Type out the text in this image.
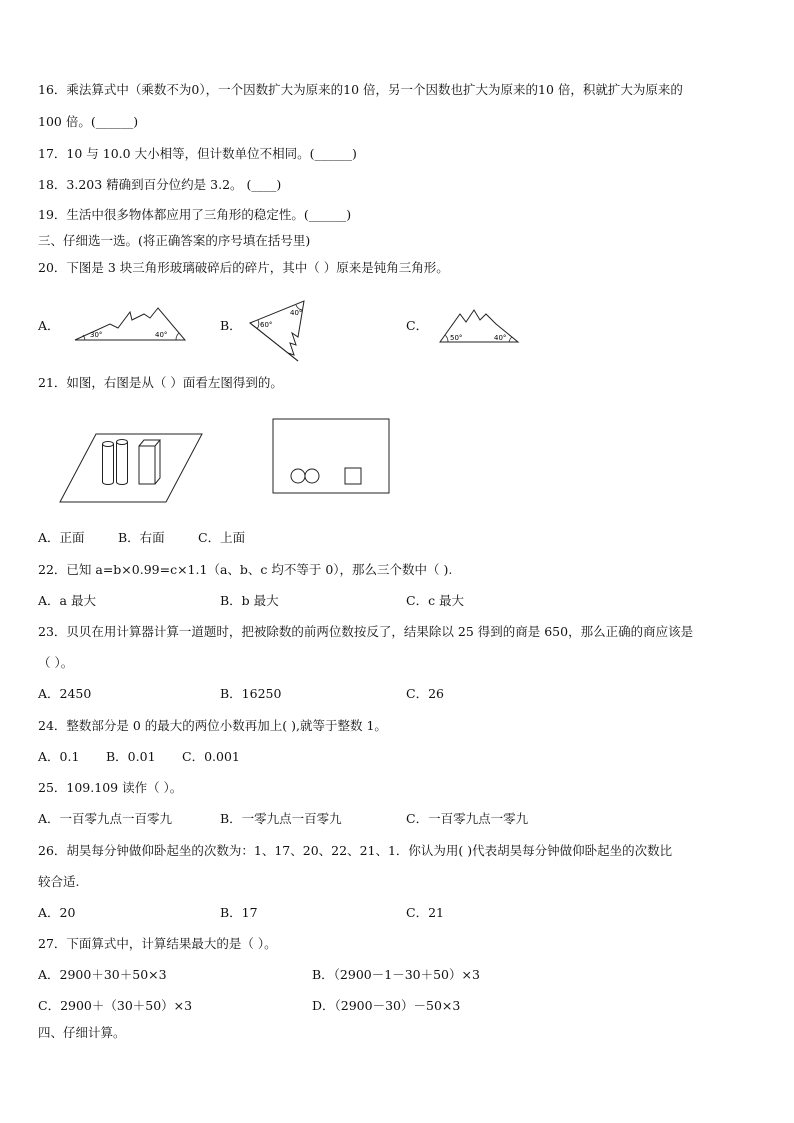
16．乘法算式中（乘数不为0），一个因数扩大为原来的10 倍，另一个因数也扩大为原来的10 倍，积就扩大为原来的
100 倍。(______)
17．10 与 10.0 大小相等，但计数单位不相同。(______)
18．3.203 精确到百分位约是 3.2。 (____)
19．生活中很多物体都应用了三角形的稳定性。(______)
三、仔细选一选。(将正确答案的序号填在括号里)
20．下图是 3 块三角形玻璃破碎后的碎片，其中（ ）原来是钝角三角形。
A．	B．	C．
30°	40°
60°
40°
50°	40°
21．如图，右图是从（ ）面看左图得到的。
A．正面	B．右面	C．上面
22．已知 a=b×0.99=c×1.1（a、b、c 均不等于 0），那么三个数中（ ).
A．a 最大	B．b 最大	C．c 最大
23．贝贝在用计算器计算一道题时，把被除数的前两位数按反了，结果除以 25 得到的商是 650，那么正确的商应该是
（ ）。
A．2450	B．16250	C．26
24．整数部分是 0 的最大的两位小数再加上( ),就等于整数 1。
A．0.1 B．0.01 C．0.001
25．109.109 读作（ ）。
A．一百零九点一百零九	B．一零九点一百零九	C．一百零九点一零九
26．胡昊每分钟做仰卧起坐的次数为：1、17、20、22、21、1．你认为用( )代表胡昊每分钟做仰卧起坐的次数比
较合适.
A．20	B．17	C．21
27．下面算式中，计算结果最大的是（ ）。
A．2900＋30＋50×3	B．（2900－1－30＋50）×3
C．2900＋（30＋50）×3	D．（2900－30）－50×3
四、仔细计算。
